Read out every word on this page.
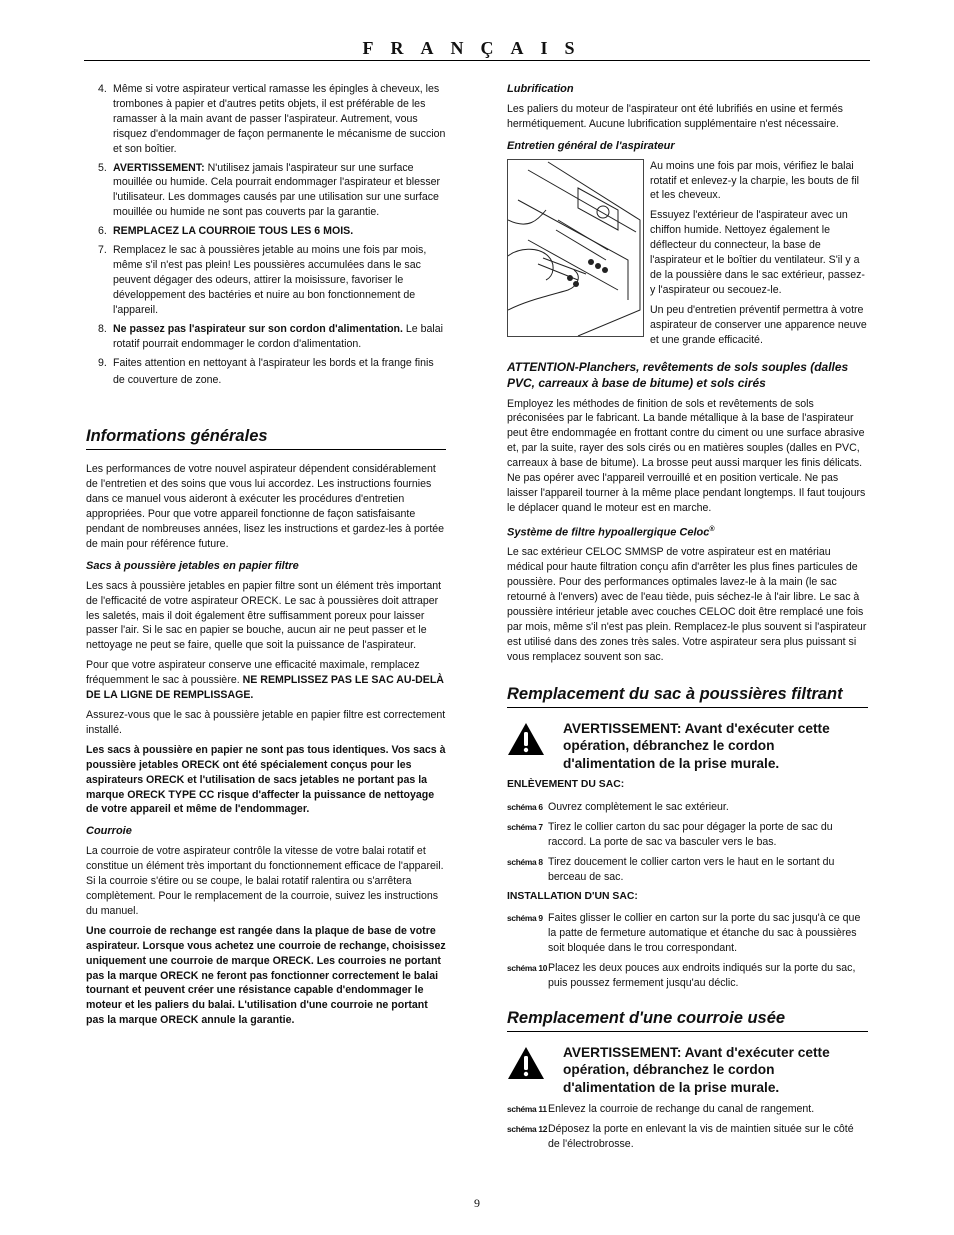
FRANÇAIS
4. Même si votre aspirateur vertical ramasse les épingles à cheveux, les trombones à papier et d'autres petits objets, il est préférable de les ramasser à la main avant de passer l'aspirateur. Autrement, vous risquez d'endommager de façon permanente le mécanisme de succion et son boîtier.
5. AVERTISSEMENT: N'utilisez jamais l'aspirateur sur une surface mouillée ou humide. Cela pourrait endommager l'aspirateur et blesser l'utilisateur. Les dommages causés par une utilisation sur une surface mouillée ou humide ne sont pas couverts par la garantie.
6. REMPLACEZ LA COURROIE TOUS LES 6 MOIS.
7. Remplacez le sac à poussières jetable au moins une fois par mois, même s'il n'est pas plein! Les poussières accumulées dans le sac peuvent dégager des odeurs, attirer la moisissure, favoriser le développement des bactéries et nuire au bon fonctionnement de l'appareil.
8. Ne passez pas l'aspirateur sur son cordon d'alimentation. Le balai rotatif pourrait endommager le cordon d'alimentation.
9. Faites attention en nettoyant à l'aspirateur les bords et la frange finis de couverture de zone.
Informations générales

Les performances de votre nouvel aspirateur dépendent considérablement de l'entretien et des soins que vous lui accordez. Les instructions fournies dans ce manuel vous aideront à exécuter les procédures d'entretien appropriées. Pour que votre appareil fonctionne de façon satisfaisante pendant de nombreuses années, lisez les instructions et gardez-les à portée de main pour référence future.

Sacs à poussière jetables en papier filtre

Les sacs à poussière jetables en papier filtre sont un élément très important de l'efficacité de votre aspirateur ORECK. Le sac à poussières doit attraper les saletés, mais il doit également être suffisamment poreux pour laisser passer l'air. Si le sac en papier se bouche, aucun air ne peut passer et le nettoyage ne peut se faire, quelle que soit la puissance de l'aspirateur.

Pour que votre aspirateur conserve une efficacité maximale, remplacez fréquemment le sac à poussière. NE REMPLISSEZ PAS LE SAC AU-DELÀ DE LA LIGNE DE REMPLISSAGE.

Assurez-vous que le sac à poussière jetable en papier filtre est correctement installé.

Les sacs à poussière en papier ne sont pas tous identiques. Vos sacs à poussière jetables ORECK ont été spécialement conçus pour les aspirateurs ORECK et l'utilisation de sacs jetables ne portant pas la marque ORECK TYPE CC risque d'affecter la puissance de nettoyage de votre appareil et même de l'endommager.

Courroie

La courroie de votre aspirateur contrôle la vitesse de votre balai rotatif et constitue un élément très important du fonctionnement efficace de l'appareil. Si la courroie s'étire ou se coupe, le balai rotatif ralentira ou s'arrêtera complètement. Pour le remplacement de la courroie, suivez les instructions du manuel.

Une courroie de rechange est rangée dans la plaque de base de votre aspirateur. Lorsque vous achetez une courroie de rechange, choisissez uniquement une courroie de marque ORECK. Les courroies ne portant pas la marque ORECK ne feront pas fonctionner correctement le balai tournant et peuvent créer une résistance capable d'endommager le moteur et les paliers du balai. L'utilisation d'une courroie ne portant pas la marque ORECK annule la garantie.

Lubrification

Les paliers du moteur de l'aspirateur ont été lubrifiés en usine et fermés hermétiquement. Aucune lubrification supplémentaire n'est nécessaire.

Entretien général de l'aspirateur

Au moins une fois par mois, vérifiez le balai rotatif et enlevez-y la charpie, les bouts de fil et les cheveux.

Essuyez l'extérieur de l'aspirateur avec un chiffon humide. Nettoyez également le déflecteur du connecteur, la base de l'aspirateur et le boîtier du ventilateur. S'il y a de la poussière dans le sac extérieur, passez-y l'aspirateur ou secouez-le.

Un peu d'entretien préventif permettra à votre aspirateur de conserver une apparence neuve et une grande efficacité.

ATTENTION-Planchers, revêtements de sols souples (dalles PVC, carreaux à base de bitume) et sols cirés

Employez les méthodes de finition de sols et revêtements de sols préconisées par le fabricant. La bande métallique à la base de l'aspirateur peut être endommagée en frottant contre du ciment ou une surface abrasive et, par la suite, rayer des sols cirés ou en matières souples (dalles en PVC, carreaux à base de bitume). La brosse peut aussi marquer les finis délicats. Ne pas opérer avec l'appareil verrouillé et en position verticale. Ne pas laisser l'appareil tourner à la même place pendant longtemps. Il faut toujours le déplacer quand le moteur est en marche.

Système de filtre hypoallergique Celoc®

Le sac extérieur CELOC SMMSP de votre aspirateur est en matériau médical pour haute filtration conçu afin d'arrêter les plus fines particules de poussière. Pour des performances optimales lavez-le à la main (le sac retourné à l'envers) avec de l'eau tiède, puis séchez-le à l'air libre. Le sac à poussière intérieur jetable avec couches CELOC doit être remplacé une fois par mois, même s'il n'est pas plein. Remplacez-le plus souvent si l'aspirateur est utilisé dans des zones très sales. Votre aspirateur sera plus puissant si vous remplacez souvent son sac.

Remplacement du sac à poussières filtrant
AVERTISSEMENT: Avant d'exécuter cette opération, débranchez le cordon d'alimentation de la prise murale.
ENLÈVEMENT DU SAC:
schéma 6 Ouvrez complètement le sac extérieur.
schéma 7 Tirez le collier carton du sac pour dégager la porte de sac du raccord. La porte de sac va basculer vers le bas.
schéma 8 Tirez doucement le collier carton vers le haut en le sortant du berceau de sac.
INSTALLATION D'UN SAC:
schéma 9 Faites glisser le collier en carton sur la porte du sac jusqu'à ce que la patte de fermeture automatique et étanche du sac à poussières soit bloquée dans le trou correspondant.
schéma 10 Placez les deux pouces aux endroits indiqués sur la porte du sac, puis poussez fermement jusqu'au déclic.
Remplacement d'une courroie usée
AVERTISSEMENT: Avant d'exécuter cette opération, débranchez le cordon d'alimentation de la prise murale.
schéma 11 Enlevez la courroie de rechange du canal de rangement.
schéma 12 Déposez la porte en enlevant la vis de maintien située sur le côté de l'électrobrosse.
9
